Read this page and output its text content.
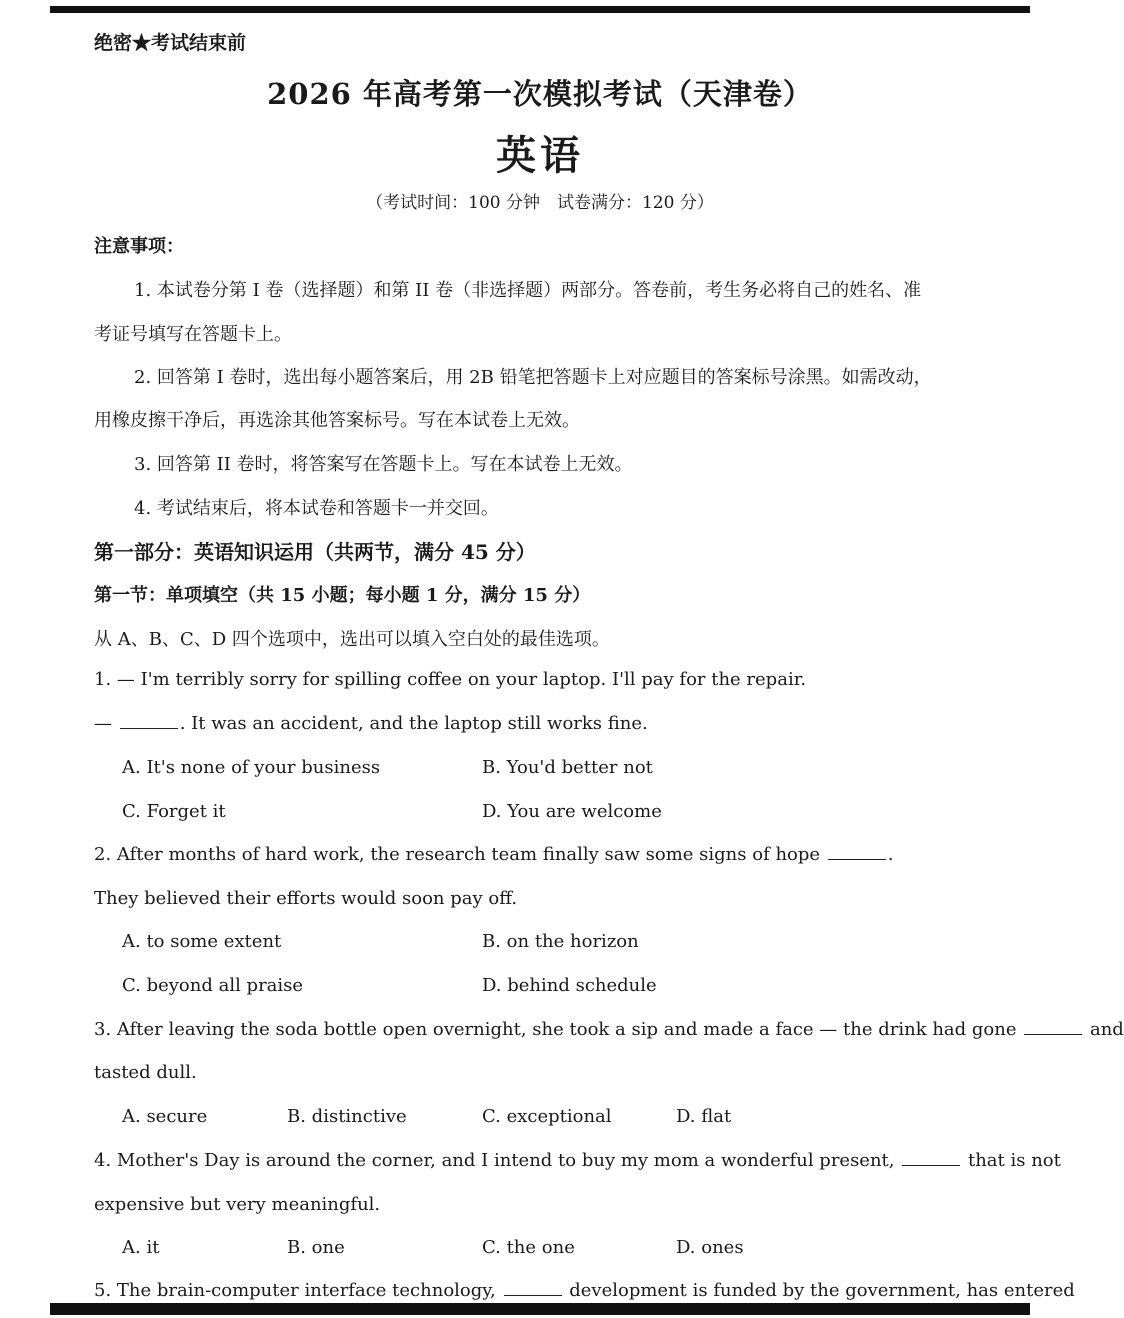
绝密★考试结束前
2026 年高考第一次模拟考试（天津卷）
英语
（考试时间：100 分钟　试卷满分：120 分）
注意事项：
1. 本试卷分第 I 卷（选择题）和第 II 卷（非选择题）两部分。答卷前，考生务必将自己的姓名、准
考证号填写在答题卡上。
2. 回答第 I 卷时，选出每小题答案后，用 2B 铅笔把答题卡上对应题目的答案标号涂黑。如需改动，
用橡皮擦干净后，再选涂其他答案标号。写在本试卷上无效。
3. 回答第 II 卷时，将答案写在答题卡上。写在本试卷上无效。
4. 考试结束后，将本试卷和答题卡一并交回。
第一部分：英语知识运用（共两节，满分 45 分）
第一节：单项填空（共 15 小题；每小题 1 分，满分 15 分）
从 A、B、C、D 四个选项中，选出可以填入空白处的最佳选项。
1. — I'm terribly sorry for spilling coffee on your laptop. I'll pay for the repair.
—	. It was an accident, and the laptop still works fine.
A. It's none of your business	B. You'd better not
C. Forget it	D. You are welcome
2. After months of hard work, the research team finally saw some signs of hope	.
They believed their efforts would soon pay off.
A. to some extent	B. on the horizon
C. beyond all praise	D. behind schedule
3. After leaving the soda bottle open overnight, she took a sip and made a face — the drink had gone	and
tasted dull.
A. secure	B. distinctive	C. exceptional	D. flat
4. Mother's Day is around the corner, and I intend to buy my mom a wonderful present,	that is not
expensive but very meaningful.
A. it	B. one	C. the one	D. ones
5. The brain-computer interface technology,	development is funded by the government, has entered
